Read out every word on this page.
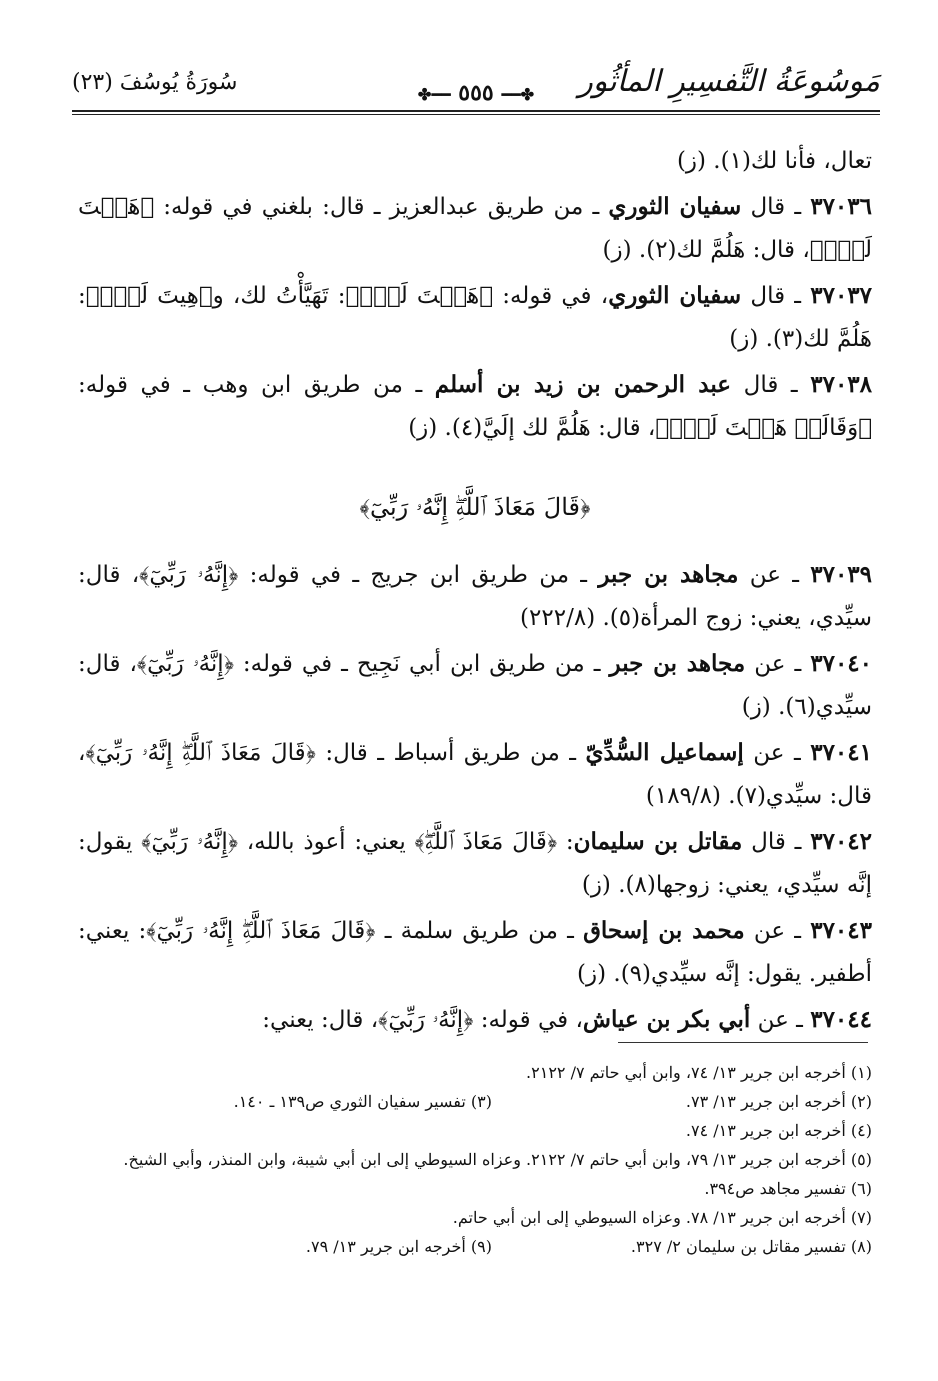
سُورَةُ يُوسُفَ (٢٣)	✤━━ ٥٥٥ ━━✤	مَوسُوعَةُ التَّفسِيرِ المأثُور

تعال، فأنا لك(١). (ز)

٣٧٠٣٦ ـ قال سفيان الثوري ـ من طريق عبدالعزيز ـ قال: بلغني في قوله: ﴿هَيۡتَ لَكَۚ﴾، قال: هَلُمَّ لك(٢). (ز)

٣٧٠٣٧ ـ قال سفيان الثوري، في قوله: ﴿هَيۡتَ لَكَۚ﴾: تَهَيَّأْتُ لك، و﴿هِيتَ لَكَۚ﴾: هَلُمَّ لك(٣). (ز)

٣٧٠٣٨ ـ قال عبد الرحمن بن زيد بن أسلم ـ من طريق ابن وهب ـ في قوله: ﴿وَقَالَتۡ هَيۡتَ لَكَۚ﴾، قال: هَلُمَّ لك إلَيَّ(٤). (ز)

﴿قَالَ مَعَاذَ ٱللَّهِۖ إِنَّهُۥ رَبِّيٓ﴾

٣٧٠٣٩ ـ عن مجاهد بن جبر ـ من طريق ابن جريج ـ في قوله: ﴿إِنَّهُۥ رَبِّيٓ﴾، قال: سيِّدي، يعني: زوج المرأة(٥). (٢٢٢/٨)

٣٧٠٤٠ ـ عن مجاهد بن جبر ـ من طريق ابن أبي نَجِيح ـ في قوله: ﴿إِنَّهُۥ رَبِّيٓ﴾، قال: سيِّدي(٦). (ز)

٣٧٠٤١ ـ عن إسماعيل السُّدِّيّ ـ من طريق أسباط ـ قال: ﴿قَالَ مَعَاذَ ٱللَّهِۖ إِنَّهُۥ رَبِّيٓ﴾، قال: سيِّدي(٧). (١٨٩/٨)

٣٧٠٤٢ ـ قال مقاتل بن سليمان: ﴿قَالَ مَعَاذَ ٱللَّهِۖ﴾ يعني: أعوذ بالله، ﴿إِنَّهُۥ رَبِّيٓ﴾ يقول: إنَّه سيِّدي، يعني: زوجها(٨). (ز)

٣٧٠٤٣ ـ عن محمد بن إسحاق ـ من طريق سلمة ـ ﴿قَالَ مَعَاذَ ٱللَّهِۖ إِنَّهُۥ رَبِّيٓ﴾: يعني: أطفير. يقول: إنَّه سيِّدي(٩). (ز)

٣٧٠٤٤ ـ عن أبي بكر بن عياش، في قوله: ﴿إِنَّهُۥ رَبِّيٓ﴾، قال: يعني:

(١) أخرجه ابن جرير ١٣/ ٧٤، وابن أبي حاتم ٧/ ٢١٢٢.
(٢) أخرجه ابن جرير ١٣/ ٧٣.
(٣) تفسير سفيان الثوري ص١٣٩ ـ ١٤٠.
(٤) أخرجه ابن جرير ١٣/ ٧٤.
(٥) أخرجه ابن جرير ١٣/ ٧٩، وابن أبي حاتم ٧/ ٢١٢٢. وعزاه السيوطي إلى ابن أبي شيبة، وابن المنذر، وأبي الشيخ.
(٦) تفسير مجاهد ص٣٩٤.
(٧) أخرجه ابن جرير ١٣/ ٧٨. وعزاه السيوطي إلى ابن أبي حاتم.
(٨) تفسير مقاتل بن سليمان ٢/ ٣٢٧.
(٩) أخرجه ابن جرير ١٣/ ٧٩.
